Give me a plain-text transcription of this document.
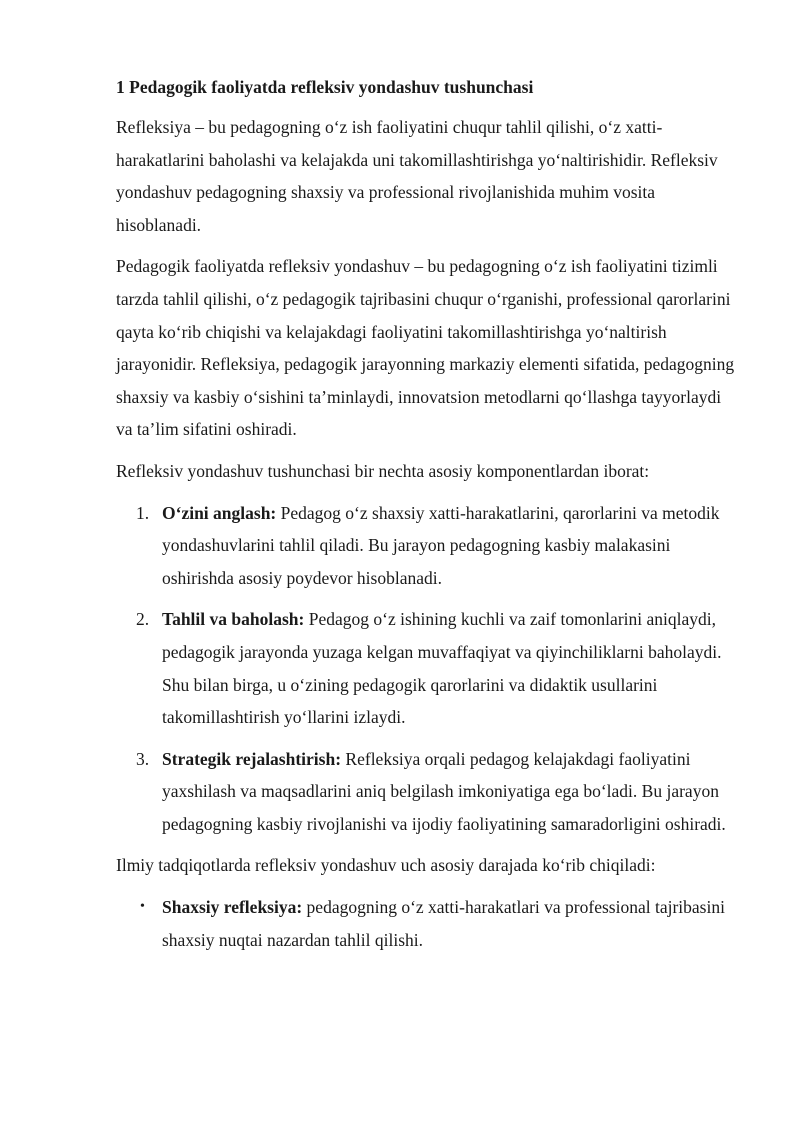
1 Pedagogik faoliyatda refleksiv yondashuv tushunchasi

Refleksiya – bu pedagogning o‘z ish faoliyatini chuqur tahlil qilishi, o‘z xatti-harakatlarini baholashi va kelajakda uni takomillashtirishga yo‘naltirishidir. Refleksiv yondashuv pedagogning shaxsiy va professional rivojlanishida muhim vosita hisoblanadi.

Pedagogik faoliyatda refleksiv yondashuv – bu pedagogning o‘z ish faoliyatini tizimli tarzda tahlil qilishi, o‘z pedagogik tajribasini chuqur o‘rganishi, professional qarorlarini qayta ko‘rib chiqishi va kelajakdagi faoliyatini takomillashtirishga yo‘naltirish jarayonidir. Refleksiya, pedagogik jarayonning markaziy elementi sifatida, pedagogning shaxsiy va kasbiy o‘sishini ta’minlaydi, innovatsion metodlarni qo‘llashga tayyorlaydi va ta’lim sifatini oshiradi.

Refleksiv yondashuv tushunchasi bir nechta asosiy komponentlardan iborat:

1. O‘zini anglash: Pedagog o‘z shaxsiy xatti-harakatlarini, qarorlarini va metodik yondashuvlarini tahlil qiladi. Bu jarayon pedagogning kasbiy malakasini oshirishda asosiy poydevor hisoblanadi.
2. Tahlil va baholash: Pedagog o‘z ishining kuchli va zaif tomonlarini aniqlaydi, pedagogik jarayonda yuzaga kelgan muvaffaqiyat va qiyinchiliklarni baholaydi. Shu bilan birga, u o‘zining pedagogik qarorlarini va didaktik usullarini takomillashtirish yo‘llarini izlaydi.
3. Strategik rejalashtirish: Refleksiya orqali pedagog kelajakdagi faoliyatini yaxshilash va maqsadlarini aniq belgilash imkoniyatiga ega bo‘ladi. Bu jarayon pedagogning kasbiy rivojlanishi va ijodiy faoliyatining samaradorligini oshiradi.

Ilmiy tadqiqotlarda refleksiv yondashuv uch asosiy darajada ko‘rib chiqiladi:

• Shaxsiy refleksiya: pedagogning o‘z xatti-harakatlari va professional tajribasini shaxsiy nuqtai nazardan tahlil qilishi.
